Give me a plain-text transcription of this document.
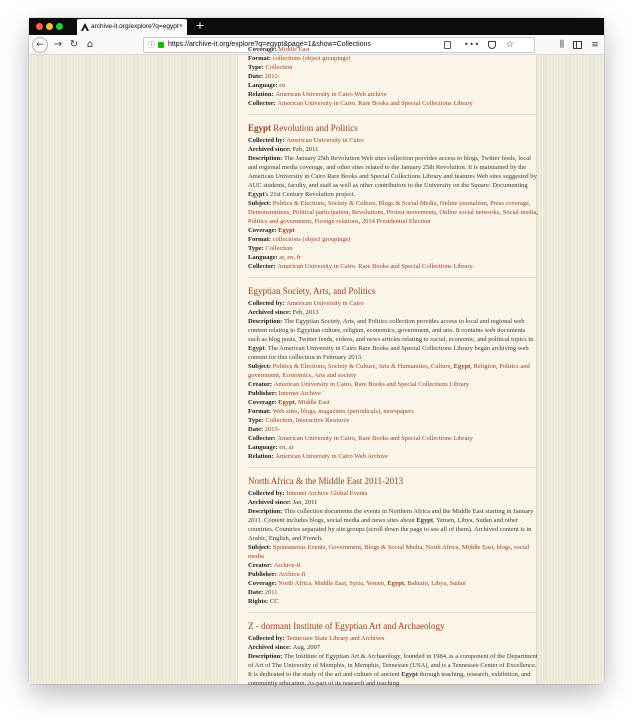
archive-it.org/explore?q=egypt × +
←	→ ↻ ⌂	ⓘ https://archive-it.org/explore?q=egypt&page=1&show=Collections	•••	☆	⫼	≡
Coverage: Middle East
Format: collections (object groupings)
Type: Collection
Date: 2012-
Language: en
Relation: American University in Cairo Web archive
Collector: American University in Cairo. Rare Books and Special Collections Library
Egypt Revolution and Politics
Collected by: American University in Cairo
Archived since: Feb, 2011
Description: The January 25th Revolution Web sites collection provides access to blogs, Twitter feeds, local and regional media coverage, and other sites related to the January 25th Revolution. It is maintained by the American University in Cairo Rare Books and Special Collections Library and features Web sites suggested by AUC students, faculty, and staff as well as other contributors to the University on the Square: Documenting Egypt's 21st Century Revolution project.
Subject: Politics & Elections, Society & Culture, Blogs & Social Media, Online journalism, Press coverage, Demonstrations, Political participation, Revolutions, Protest movements, Online social networks, Social media, Politics and government, Foreign relations, 2014 Presidential Election
Coverage: Egypt
Format: collections (object groupings)
Type: Collection
Language: ar, en, fr
Collector: American University in Cairo. Rare Books and Special Collections Library.
Egyptian Society, Arts, and Politics
Collected by: American University in Cairo
Archived since: Feb, 2013
Description: The Egyptian Society, Arts, and Politics collection provides access to local and regional web content relating to Egyptian culture, religion, economics, government, and arts. It contains web documents such as blog posts, Twitter feeds, videos, and news articles relating to social, economic, and political topics in Egypt. The American University in Cairo Rare Books and Special Collections Library began archiving web content for this collection in February 2013.
Subject: Politics & Elections, Society & Culture, Arts & Humanities, Culture, Egypt, Religion, Politics and government, Economics, Arts and society
Creator: American University in Cairo, Rare Books and Special Collections Library
Publisher: Internet Archive
Coverage: Egypt, Middle East
Format: Web sites, blogs, magazines (periodicals), newspapers
Type: Collection, Interactive Resource
Date: 2013-
Collector: American University in Cairo, Rare Books and Special Collections Library
Language: en, ar
Relation: American University in Cairo Web Archive
North Africa & the Middle East 2011-2013
Collected by: Internet Archive Global Events
Archived since: Jan, 2011
Description: This collection documents the events in Northern Africa and the Middle East starting in January 2011. Content includes blogs, social media and news sites about Egypt, Yemen, Libya, Sudan and other countries. Countries separated by site groups (scroll down the page to see all of them). Archived content is in Arabic, English, and French.
Subject: Spontaneous Events, Government, Blogs & Social Media, North Africa, Middle East, blogs, social media
Creator: Archive-It
Publisher: Archive-It
Coverage: North Africa, Middle East, Syria, Yemen, Egypt, Bahrain, Libya, Sudan
Date: 2011
Rights: CC
Z - dormant Institute of Egyptian Art and Archaeology
Collected by: Tennessee State Library and Archives
Archived since: Aug, 2007
Description: The Institute of Egyptian Art & Archaeology, founded in 1984, is a component of the Department of Art of The University of Memphis, in Memphis, Tennessee (USA), and is a Tennessee Center of Excellence. It is dedicated to the study of the art and culture of ancient Egypt through teaching, research, exhibition, and community education. As part of its research and teaching
